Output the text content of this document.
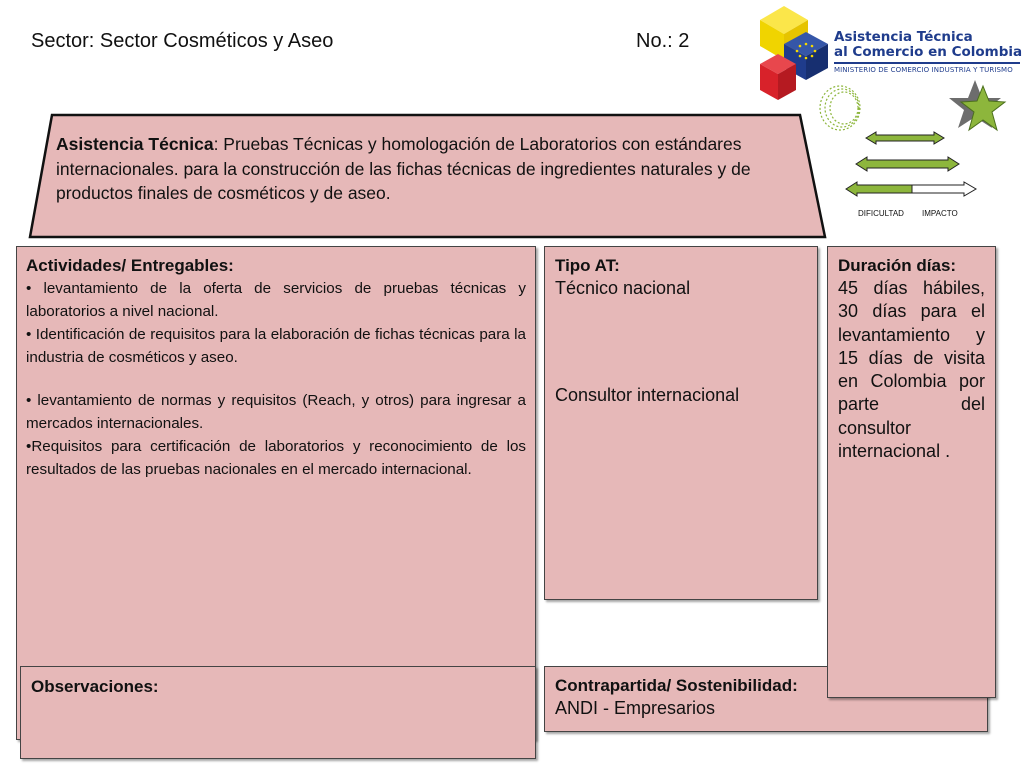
Sector: Sector Cosméticos y Aseo	No.: 2	Asistencia Técnica
al Comercio en Colombia
MINISTERIO DE COMERCIO INDUSTRIA Y TURISMO
Asistencia Técnica: Pruebas Técnicas y homologación de Laboratorios con estándares internacionales. para la construcción de las fichas técnicas de ingredientes naturales y de productos finales de cosméticos y de aseo.
DIFICULTAD IMPACTO
Actividades/ Entregables:
• levantamiento de la oferta de servicios de pruebas técnicas y laboratorios a nivel nacional.
• Identificación de requisitos para la elaboración de fichas técnicas para la industria de cosméticos y aseo.
• levantamiento de normas y requisitos (Reach, y otros) para ingresar a mercados internacionales.
•Requisitos para certificación de laboratorios y reconocimiento de los resultados de las pruebas nacionales en el mercado internacional.
Tipo AT:
Técnico nacional
Consultor internacional
Observaciones:	Contrapartida/ Sostenibilidad:
ANDI - Empresarios
Duración días:
45 días hábiles, 30 días para el levantamiento y 15 días de visita en Colombia por parte del consultor internacional .
